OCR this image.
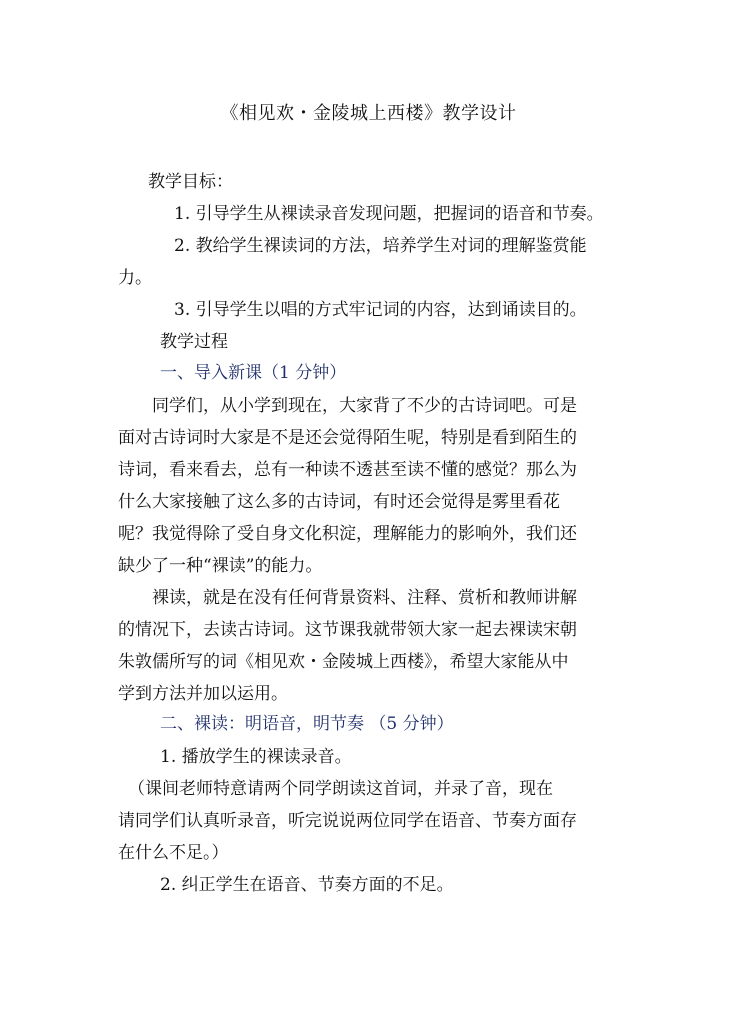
《相见欢・金陵城上西楼》教学设计
教学目标：
1. 引导学生从裸读录音发现问题，把握词的语音和节奏。
2. 教给学生裸读词的方法，培养学生对词的理解鉴赏能
力。
3. 引导学生以唱的方式牢记词的内容，达到诵读目的。
教学过程
一、导入新课（1 分钟）
同学们，从小学到现在，大家背了不少的古诗词吧。可是
面对古诗词时大家是不是还会觉得陌生呢，特别是看到陌生的
诗词，看来看去，总有一种读不透甚至读不懂的感觉？那么为
什么大家接触了这么多的古诗词，有时还会觉得是雾里看花
呢？我觉得除了受自身文化积淀，理解能力的影响外，我们还
缺少了一种“裸读”的能力。
裸读，就是在没有任何背景资料、注释、赏析和教师讲解
的情况下，去读古诗词。这节课我就带领大家一起去裸读宋朝
朱敦儒所写的词《相见欢・金陵城上西楼》，希望大家能从中
学到方法并加以运用。
二、裸读：明语音，明节奏 （5 分钟）
1. 播放学生的裸读录音。
（课间老师特意请两个同学朗读这首词，并录了音，现在
请同学们认真听录音，听完说说两位同学在语音、节奏方面存
在什么不足。）
2. 纠正学生在语音、节奏方面的不足。
